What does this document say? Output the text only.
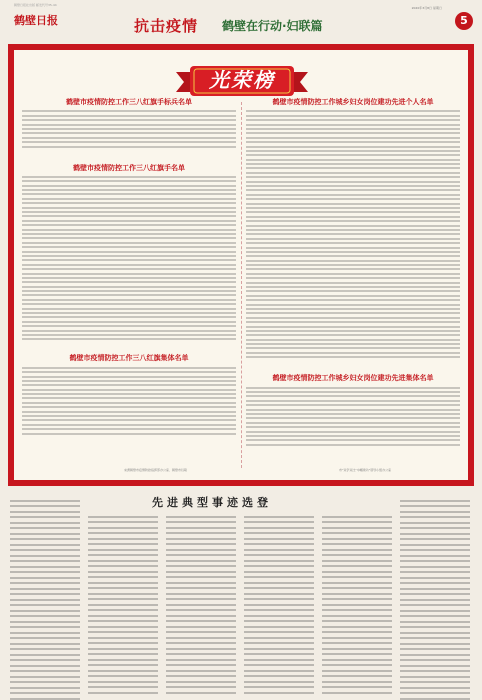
鹤壁日报社出版 邮发代号35-44
鹤壁日报	抗击疫情 鹤壁在行动·妇联篇
2020年3月8日 星期日
5
光荣榜
鹤壁市疫情防控工作三八红旗手标兵名单
鹤壁市疫情防控工作三八红旗手名单
鹤壁市疫情防控工作三八红旗集体名单
鹤壁市疫情防控工作城乡妇女岗位建功先进个人名单
鹤壁市疫情防控工作城乡妇女岗位建功先进集体名单
来源鹤壁市疫情防控指挥部办公室、鹤壁市妇联	市"双学双比"巾帼建功"领导小组办公室
先进典型事迹选登
